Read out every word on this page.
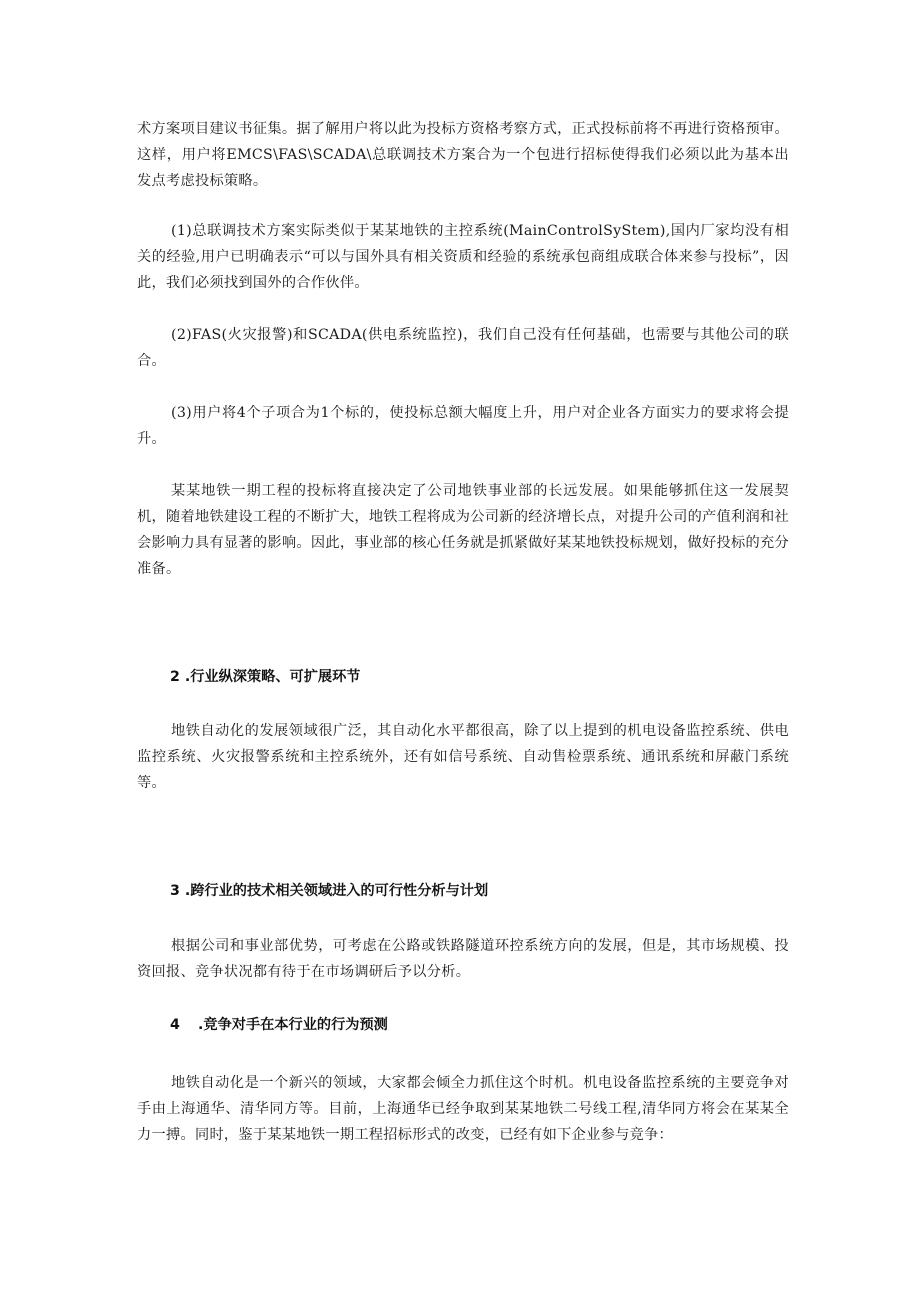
术方案项目建议书征集。据了解用户将以此为投标方资格考察方式，正式投标前将不再进行资格预审。这样，用户将EMCS\FAS\SCADA\总联调技术方案合为一个包进行招标使得我们必须以此为基本出发点考虑投标策略。

(1)总联调技术方案实际类似于某某地铁的主控系统(MainControlSyStem),国内厂家均没有相关的经验,用户已明确表示“可以与国外具有相关资质和经验的系统承包商组成联合体来参与投标”，因此，我们必须找到国外的合作伙伴。

(2)FAS(火灾报警)和SCADA(供电系统监控)，我们自己没有任何基础，也需要与其他公司的联合。

(3)用户将4个子项合为1个标的，使投标总额大幅度上升，用户对企业各方面实力的要求将会提升。

某某地铁一期工程的投标将直接决定了公司地铁事业部的长远发展。如果能够抓住这一发展契机，随着地铁建设工程的不断扩大，地铁工程将成为公司新的经济增长点，对提升公司的产值利润和社会影响力具有显著的影响。因此，事业部的核心任务就是抓紧做好某某地铁投标规划，做好投标的充分准备。

2 .行业纵深策略、可扩展环节

地铁自动化的发展领域很广泛，其自动化水平都很高，除了以上提到的机电设备监控系统、供电监控系统、火灾报警系统和主控系统外，还有如信号系统、自动售检票系统、通讯系统和屏蔽门系统等。

3 .跨行业的技术相关领域进入的可行性分析与计划

根据公司和事业部优势，可考虑在公路或铁路隧道环控系统方向的发展，但是，其市场规模、投资回报、竞争状况都有待于在市场调研后予以分析。

4 .竞争对手在本行业的行为预测

地铁自动化是一个新兴的领域，大家都会倾全力抓住这个时机。机电设备监控系统的主要竞争对手由上海通华、清华同方等。目前，上海通华已经争取到某某地铁二号线工程,清华同方将会在某某全力一搏。同时，鉴于某某地铁一期工程招标形式的改变，已经有如下企业参与竞争：
